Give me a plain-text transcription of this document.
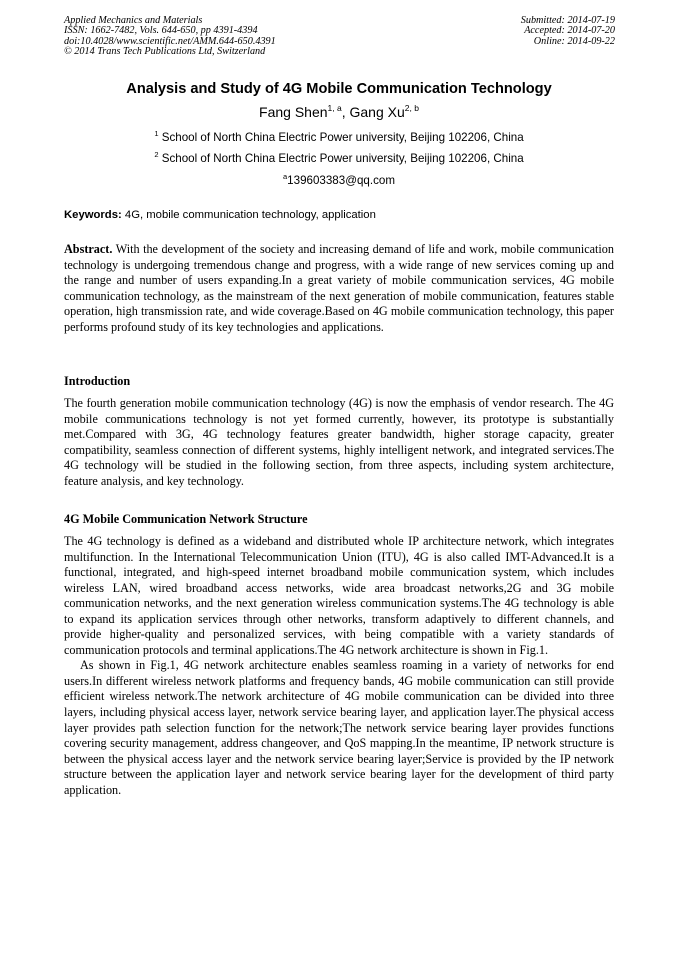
Applied Mechanics and Materials
ISSN: 1662-7482, Vols. 644-650, pp 4391-4394
doi:10.4028/www.scientific.net/AMM.644-650.4391
© 2014 Trans Tech Publications Ltd, Switzerland
Submitted: 2014-07-19
Accepted: 2014-07-20
Online: 2014-09-22
Analysis and Study of 4G Mobile Communication Technology
Fang Shen$^{1, a}$, Gang Xu$^{2, b}$
$^1$ School of North China Electric Power university, Beijing 102206, China
$^2$ School of North China Electric Power university, Beijing 102206, China
$^a$139603383@qq.com
Keywords: 4G, mobile communication technology, application

Abstract. With the development of the society and increasing demand of life and work, mobile communication technology is undergoing tremendous change and progress, with a wide range of new services coming up and the range and number of users expanding.In a great variety of mobile communication services, 4G mobile communication technology, as the mainstream of the next generation of mobile communication, features stable operation, high transmission rate, and wide coverage.Based on 4G mobile communication technology, this paper performs profound study of its key technologies and applications.

Introduction

The fourth generation mobile communication technology (4G) is now the emphasis of vendor research. The 4G mobile communications technology is not yet formed currently, however, its prototype is substantially met.Compared with 3G, 4G technology features greater bandwidth, higher storage capacity, greater compatibility, seamless connection of different systems, highly intelligent network, and integrated services.The 4G technology will be studied in the following section, from three aspects, including system architecture, feature analysis, and key technology.

4G Mobile Communication Network Structure

The 4G technology is defined as a wideband and distributed whole IP architecture network, which integrates multifunction. In the International Telecommunication Union (ITU), 4G is also called IMT-Advanced.It is a functional, integrated, and high-speed internet broadband mobile communication system, which includes wireless LAN, wired broadband access networks, wide area broadcast networks,2G and 3G mobile communication networks, and the next generation wireless communication systems.The 4G technology is able to expand its application services through other networks, transform adaptively to different channels, and provide higher-quality and personalized services, with being compatible with a variety standards of communication protocols and terminal applications.The 4G network architecture is shown in Fig.1.

As shown in Fig.1, 4G network architecture enables seamless roaming in a variety of networks for end users.In different wireless network platforms and frequency bands, 4G mobile communication can still provide efficient wireless network.The network architecture of 4G mobile communication can be divided into three layers, including physical access layer, network service bearing layer, and application layer.The physical access layer provides path selection function for the network;The network service bearing layer provides functions covering security management, address changeover, and QoS mapping.In the meantime, IP network structure is between the physical access layer and the network service bearing layer;Service is provided by the IP network structure between the application layer and network service bearing layer for the development of third party application.
